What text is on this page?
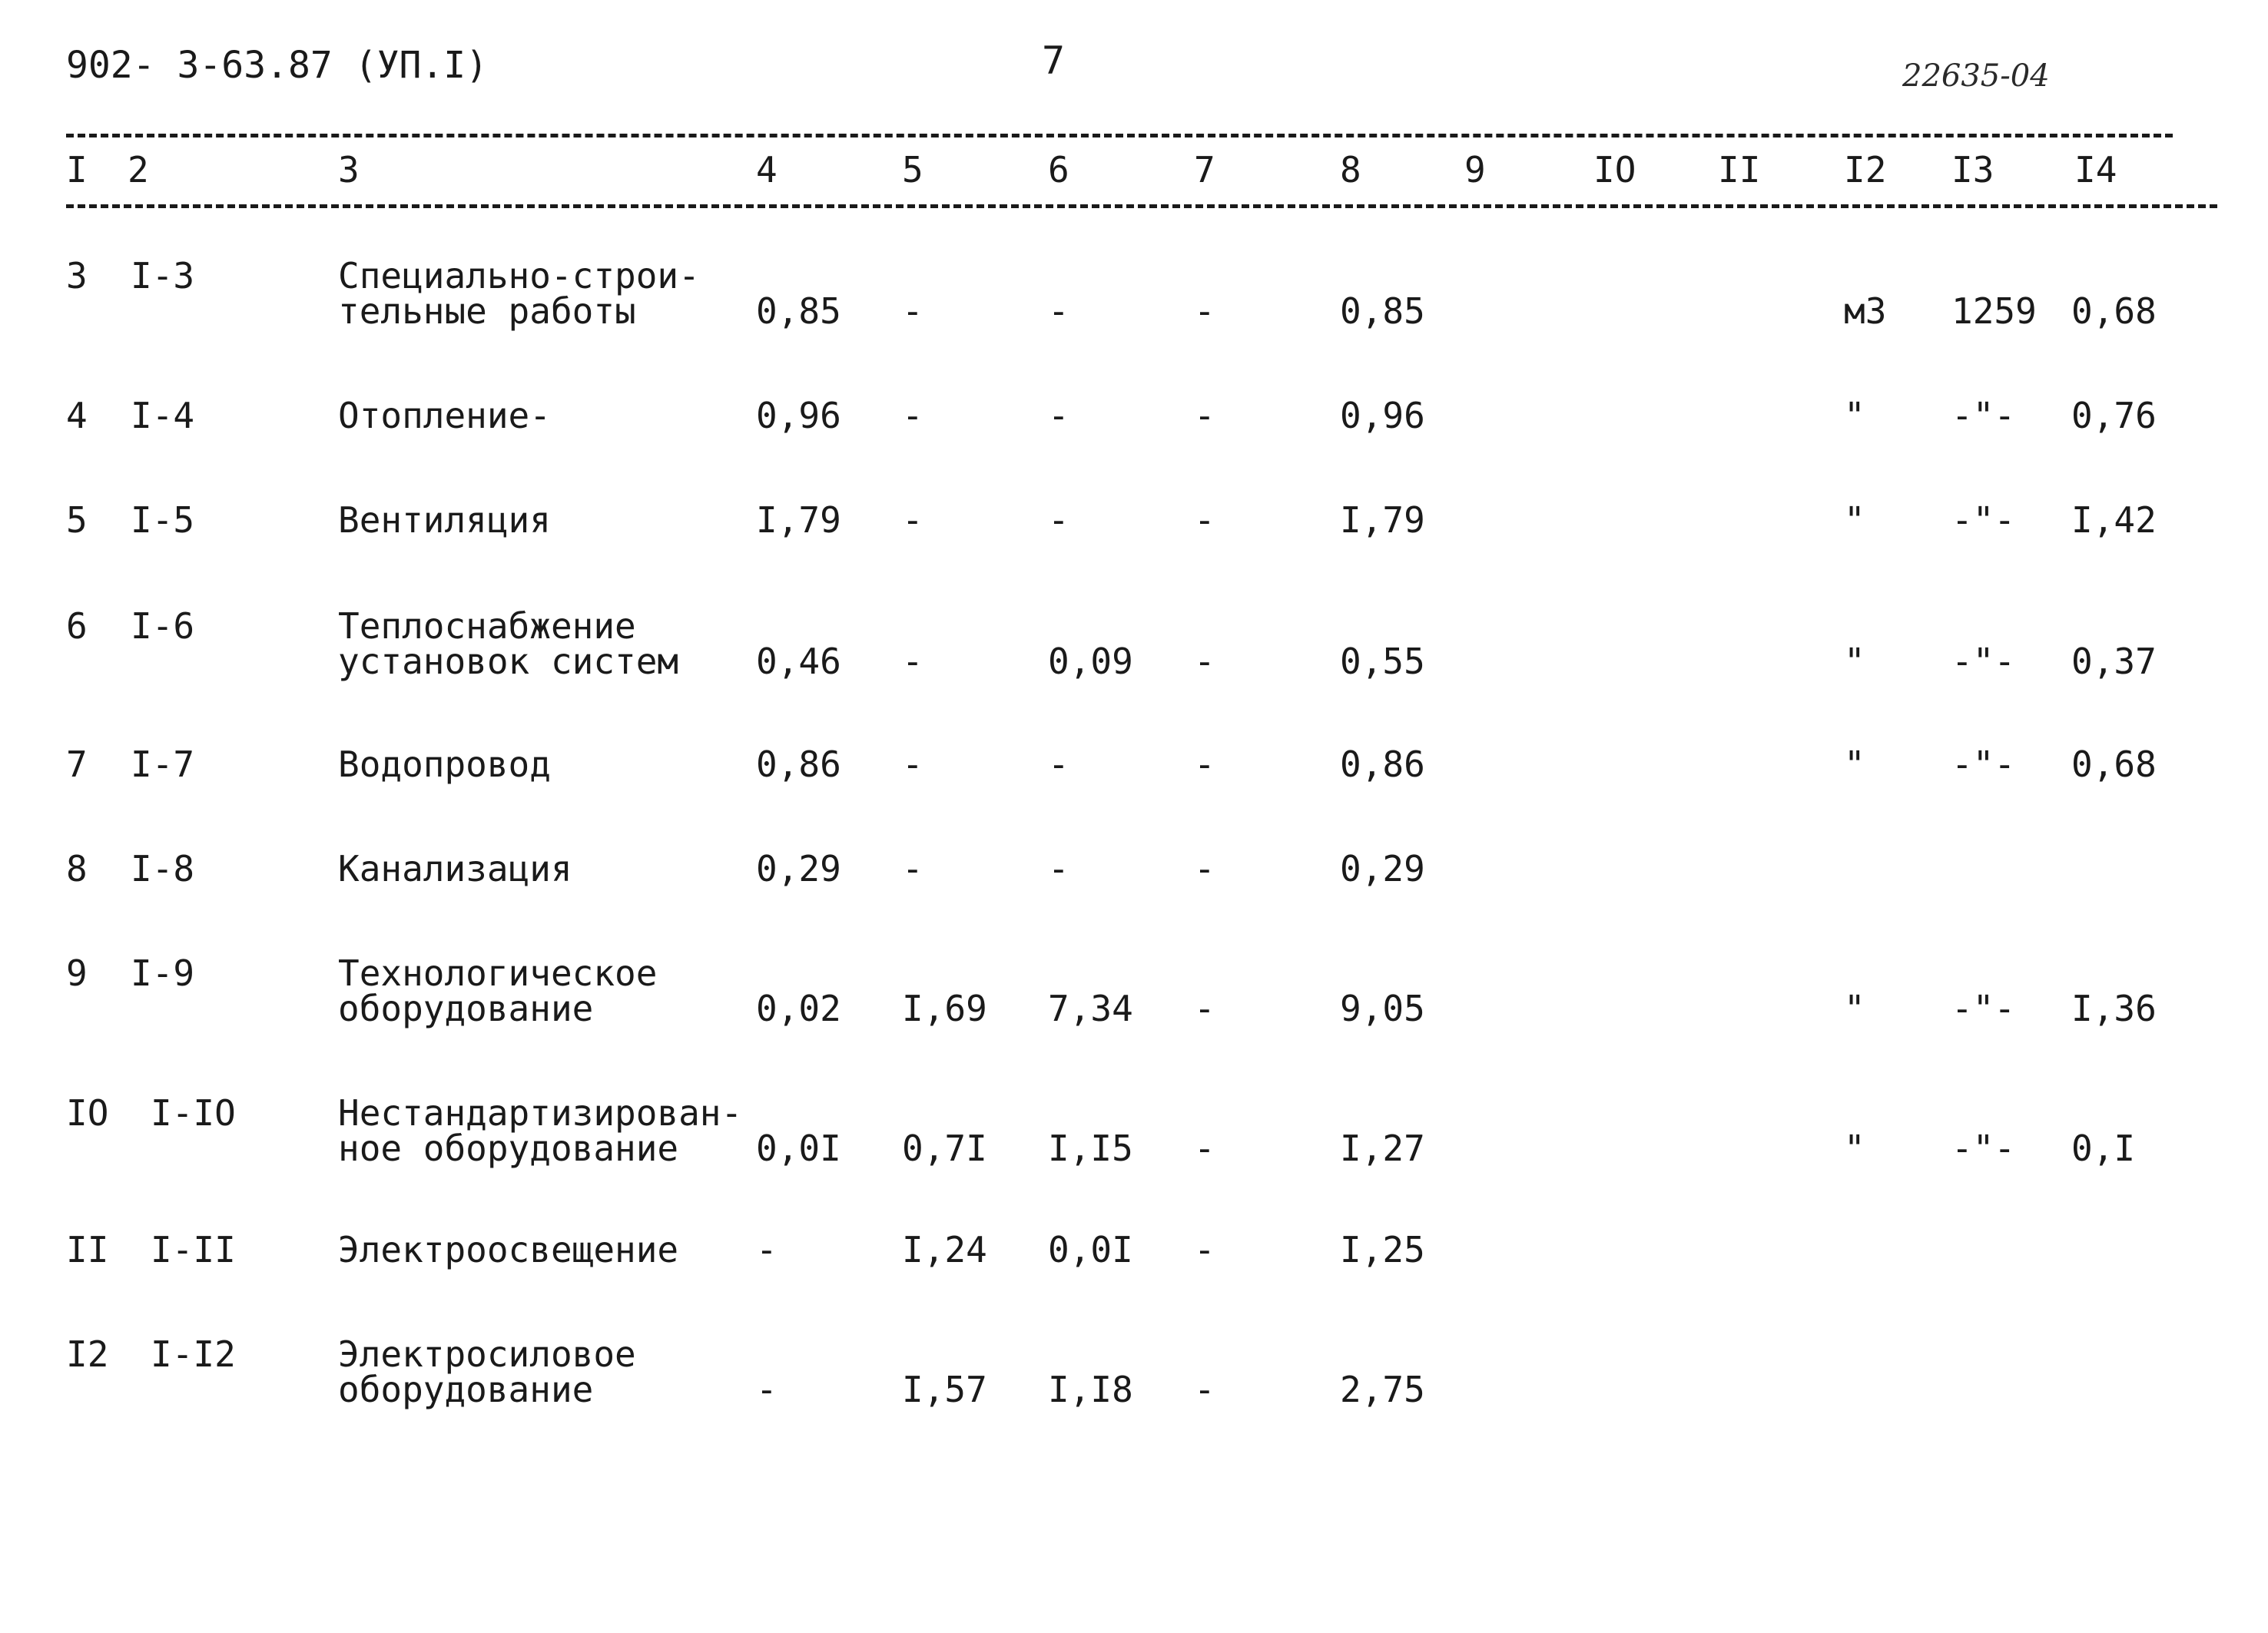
902- 3-63.87 (УП.I)	7	22635-04
I 2	3	4	5	6	7	8	9	IO II I2 I3 I4
3 I-3	Специально-строи-
тельные работы	0,85 -	-	-	0,85	м3 1259 0,68
4 I-4	Отопление-	0,96 -	-	-	0,96	" -"- 0,76
5 I-5	Вентиляция	I,79 -	-	-	I,79	" -"- I,42
6 I-6	Теплоснабжение
установок систем 0,46 -	0,09 -	0,55	" -"- 0,37
7 I-7	Водопровод	0,86 -	-	-	0,86	" -"- 0,68
8 I-8	Канализация	0,29 -	-	-	0,29
9 I-9	Технологическое
оборудование	0,02 I,69 7,34 -	9,05	" -"- I,36
IO I-IO	Нестандартизирован-
ное оборудование	0,0I 0,7I I,I5 -	I,27	" -"- 0,I
II I-II	Электроосвещение -	I,24 0,0I -	I,25
I2 I-I2	Электросиловое
оборудование	-	I,57 I,I8 -	2,75
